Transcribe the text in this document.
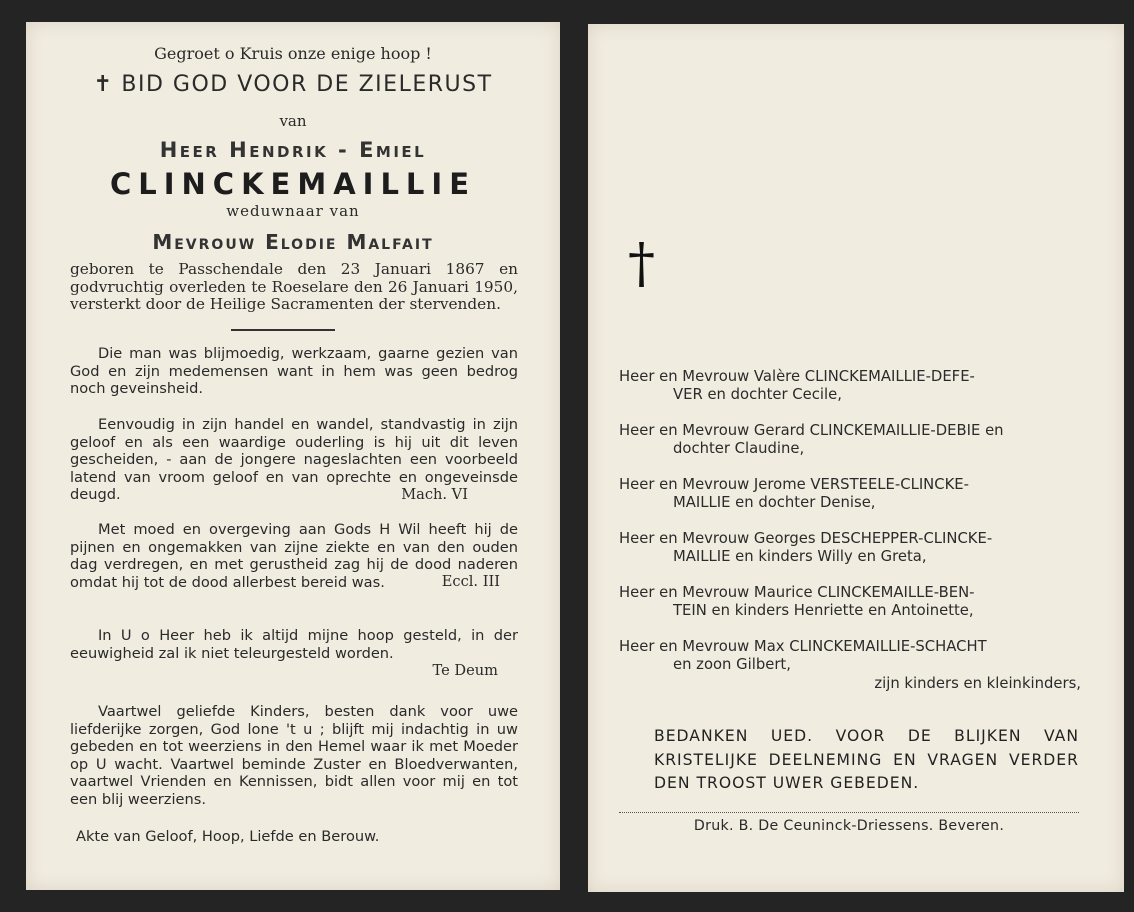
Gegroet o Kruis onze enige hoop !
✝ BID GOD VOOR DE ZIELERUST
van
Heer Hendrik - Emiel
CLINCKEMAILLIE
weduwnaar van
Mevrouw Elodie Malfait
geboren te Passchendale den 23 Januari 1867 en godvruchtig overleden te Roeselare den 26 Januari 1950, versterkt door de Heilige Sacramenten der stervenden.
Die man was blijmoedig, werkzaam, gaarne gezien van God en zijn medemensen want in hem was geen bedrog noch geveinsheid.
Eenvoudig in zijn handel en wandel, standvastig in zijn geloof en als een waardige ouderling is hij uit dit leven gescheiden, - aan de jongere nageslachten een voorbeeld latend van vroom geloof en van oprechte en ongeveinsde deugd.	Mach. VI
Met moed en overgeving aan Gods H Wil heeft hij de pijnen en ongemakken van zijne ziekte en van den ouden dag verdregen, en met gerustheid zag hij de dood naderen omdat hij tot de dood allerbest bereid was.	Eccl. III
In U o Heer heb ik altijd mijne hoop gesteld, in der eeuwigheid zal ik niet teleurgesteld worden.
Te Deum
Vaartwel geliefde Kinders, besten dank voor uwe liefderijke zorgen, God lone 't u ; blijft mij indachtig in uw gebeden en tot weerziens in den Hemel waar ik met Moeder op U wacht. Vaartwel beminde Zuster en Bloedverwanten, vaartwel Vrienden en Kennissen, bidt allen voor mij en tot een blij weerziens.
Akte van Geloof, Hoop, Liefde en Berouw.
†
Heer en Mevrouw Valère CLINCKEMAILLIE-DEFE-
VER en dochter Cecile,
Heer en Mevrouw Gerard CLINCKEMAILLIE-DEBIE en
dochter Claudine,
Heer en Mevrouw Jerome VERSTEELE-CLINCKE-
MAILLIE en dochter Denise,
Heer en Mevrouw Georges DESCHEPPER-CLINCKE-
MAILLIE en kinders Willy en Greta,
Heer en Mevrouw Maurice CLINCKEMAILLE-BEN-
TEIN en kinders Henriette en Antoinette,
Heer en Mevrouw Max CLINCKEMAILLIE-SCHACHT
en zoon Gilbert,
zijn kinders en kleinkinders,
BEDANKEN UED. VOOR DE BLIJKEN VAN KRISTELIJKE DEELNEMING EN VRAGEN VERDER DEN TROOST UWER GEBEDEN.
Druk. B. De Ceuninck-Driessens. Beveren.
